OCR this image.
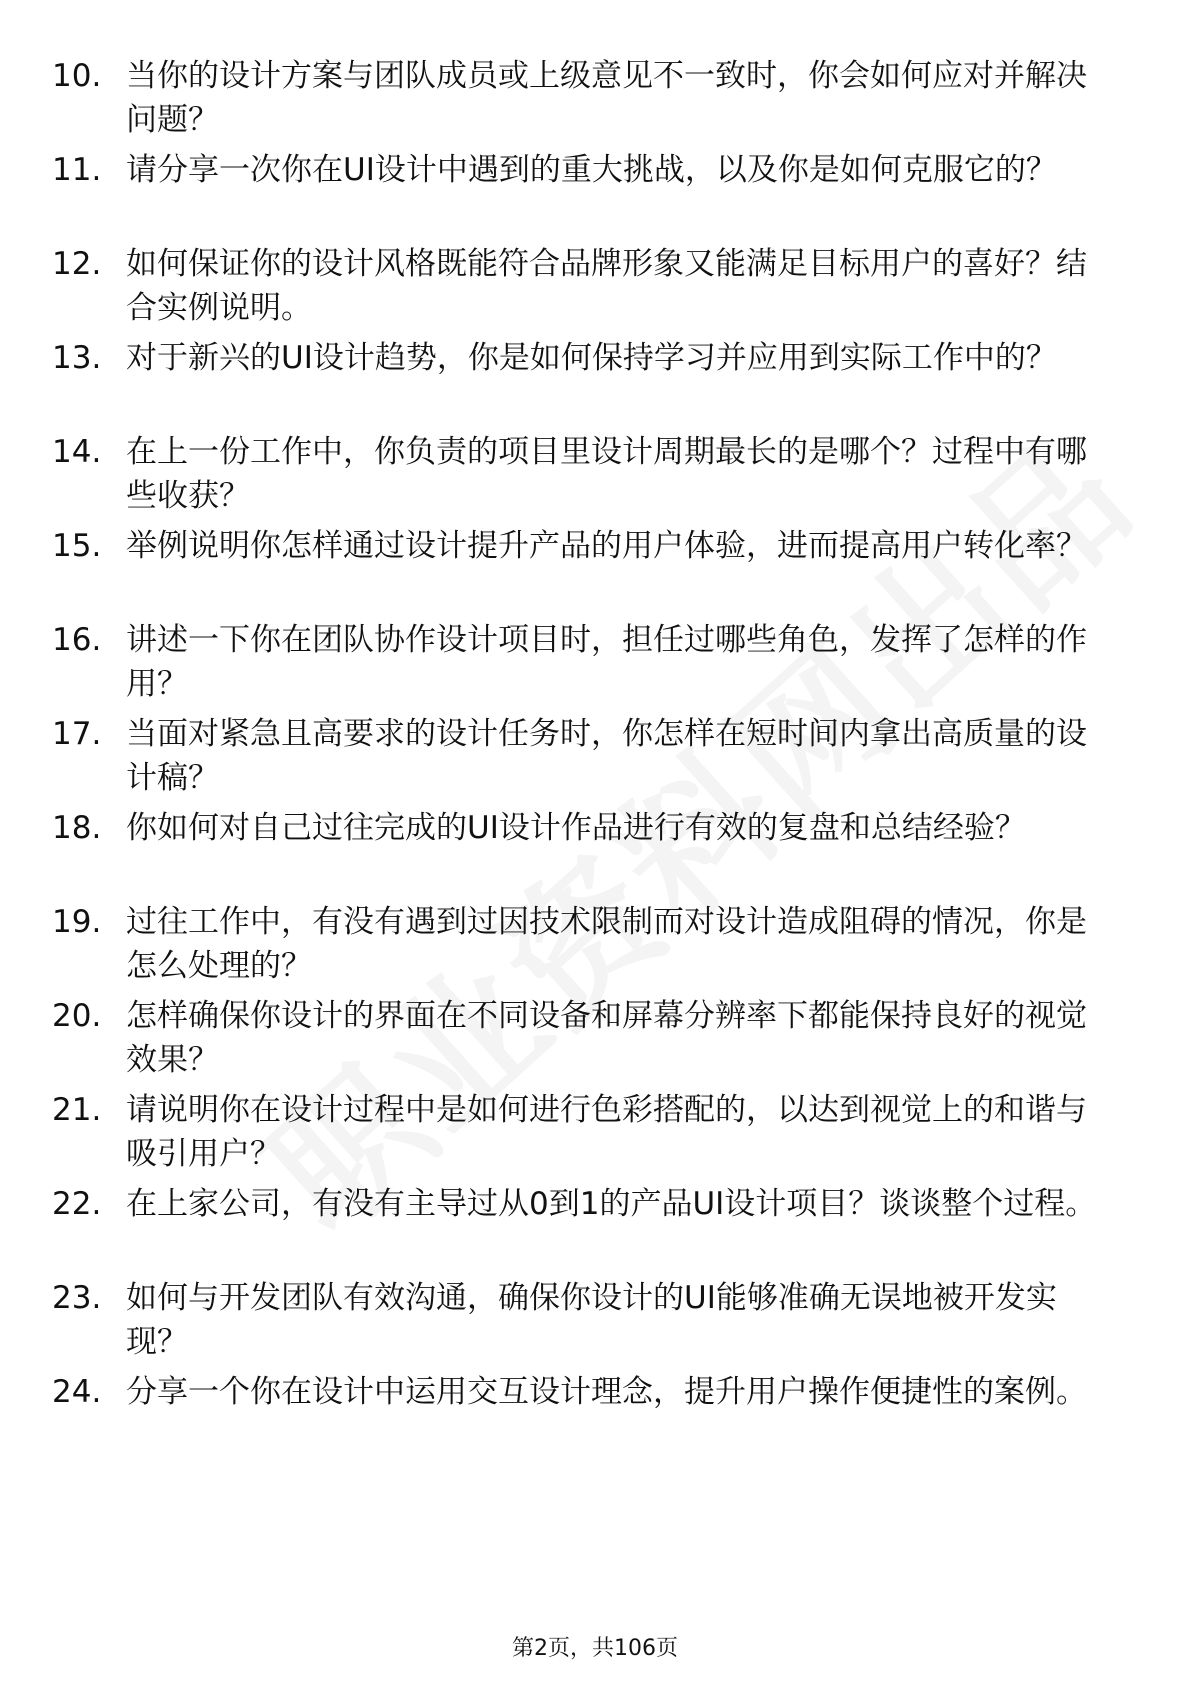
10. 当你的设计方案与团队成员或上级意见不一致时，你会如何应对并解决问题？
11. 请分享一次你在UI设计中遇到的重大挑战，以及你是如何克服它的？
12. 如何保证你的设计风格既能符合品牌形象又能满足目标用户的喜好？结合实例说明。
13. 对于新兴的UI设计趋势，你是如何保持学习并应用到实际工作中的？
14. 在上一份工作中，你负责的项目里设计周期最长的是哪个？过程中有哪些收获？
15. 举例说明你怎样通过设计提升产品的用户体验，进而提高用户转化率？
16. 讲述一下你在团队协作设计项目时，担任过哪些角色，发挥了怎样的作用？
17. 当面对紧急且高要求的设计任务时，你怎样在短时间内拿出高质量的设计稿？
18. 你如何对自己过往完成的UI设计作品进行有效的复盘和总结经验？
19. 过往工作中，有没有遇到过因技术限制而对设计造成阻碍的情况，你是怎么处理的？
20. 怎样确保你设计的界面在不同设备和屏幕分辨率下都能保持良好的视觉效果？
21. 请说明你在设计过程中是如何进行色彩搭配的，以达到视觉上的和谐与吸引用户？
22. 在上家公司，有没有主导过从0到1的产品UI设计项目？谈谈整个过程。
23. 如何与开发团队有效沟通，确保你设计的UI能够准确无误地被开发实现？
24. 分享一个你在设计中运用交互设计理念，提升用户操作便捷性的案例。
第2页，共106页
